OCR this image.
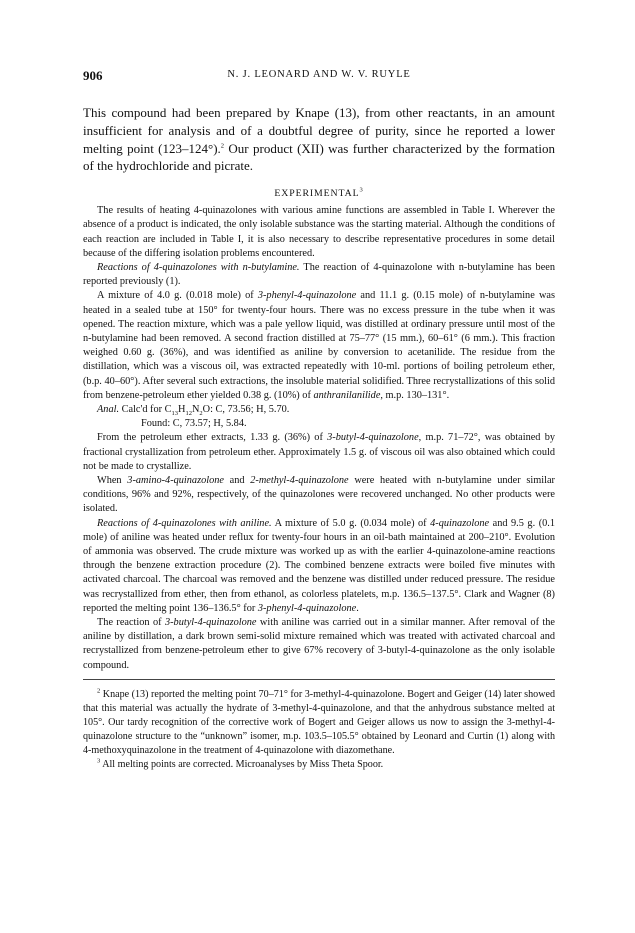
906	N. J. LEONARD AND W. V. RUYLE

This compound had been prepared by Knape (13), from other reactants, in an amount insufficient for analysis and of a doubtful degree of purity, since he reported a lower melting point (123–124°).$^2$ Our product (XII) was further characterized by the formation of the hydrochloride and picrate.

EXPERIMENTAL$^3$

The results of heating 4-quinazolones with various amine functions are assembled in Table I. Wherever the absence of a product is indicated, the only isolable substance was the starting material. Although the conditions of each reaction are included in Table I, it is also necessary to describe representative procedures in some detail because of the differing isolation problems encountered.

Reactions of 4-quinazolones with n-butylamine. The reaction of 4-quinazolone with n-butylamine has been reported previously (1).

A mixture of 4.0 g. (0.018 mole) of 3-phenyl-4-quinazolone and 11.1 g. (0.15 mole) of n-butylamine was heated in a sealed tube at 150° for twenty-four hours. There was no excess pressure in the tube when it was opened. The reaction mixture, which was a pale yellow liquid, was distilled at ordinary pressure until most of the n-butylamine had been removed. A second fraction distilled at 75–77° (15 mm.), 60–61° (6 mm.). This fraction weighed 0.60 g. (36%), and was identified as aniline by conversion to acetanilide. The residue from the distillation, which was a viscous oil, was extracted repeatedly with 10-ml. portions of boiling petroleum ether, (b.p. 40–60°). After several such extractions, the insoluble material solidified. Three recrystallizations of this solid from benzene-petroleum ether yielded 0.38 g. (10%) of anthranilanilide, m.p. 130–131°.

Anal. Calc'd for $C_{13}H_{12}N_2O$: C, 73.56; H, 5.70.

Found: C, 73.57; H, 5.84.

From the petroleum ether extracts, 1.33 g. (36%) of 3-butyl-4-quinazolone, m.p. 71–72°, was obtained by fractional crystallization from petroleum ether. Approximately 1.5 g. of viscous oil was also obtained which could not be made to crystallize.

When 3-amino-4-quinazolone and 2-methyl-4-quinazolone were heated with n-butylamine under similar conditions, 96% and 92%, respectively, of the quinazolones were recovered unchanged. No other products were isolated.

Reactions of 4-quinazolones with aniline. A mixture of 5.0 g. (0.034 mole) of 4-quinazolone and 9.5 g. (0.1 mole) of aniline was heated under reflux for twenty-four hours in an oil-bath maintained at 200–210°. Evolution of ammonia was observed. The crude mixture was worked up as with the earlier 4-quinazolone-amine reactions through the benzene extraction procedure (2). The combined benzene extracts were boiled five minutes with activated charcoal. The charcoal was removed and the benzene was distilled under reduced pressure. The residue was recrystallized from ether, then from ethanol, as colorless platelets, m.p. 136.5–137.5°. Clark and Wagner (8) reported the melting point 136–136.5° for 3-phenyl-4-quinazolone.

The reaction of 3-butyl-4-quinazolone with aniline was carried out in a similar manner. After removal of the aniline by distillation, a dark brown semi-solid mixture remained which was treated with activated charcoal and recrystallized from benzene-petroleum ether to give 67% recovery of 3-butyl-4-quinazolone as the only isolable compound.

$^2$ Knape (13) reported the melting point 70–71° for 3-methyl-4-quinazolone. Bogert and Geiger (14) later showed that this material was actually the hydrate of 3-methyl-4-quinazolone, and that the anhydrous substance melted at 105°. Our tardy recognition of the corrective work of Bogert and Geiger allows us now to assign the 3-methyl-4-quinazolone structure to the “unknown” isomer, m.p. 103.5–105.5° obtained by Leonard and Curtin (1) along with 4-methoxyquinazolone in the treatment of 4-quinazolone with diazomethane.

$^3$ All melting points are corrected. Microanalyses by Miss Theta Spoor.
